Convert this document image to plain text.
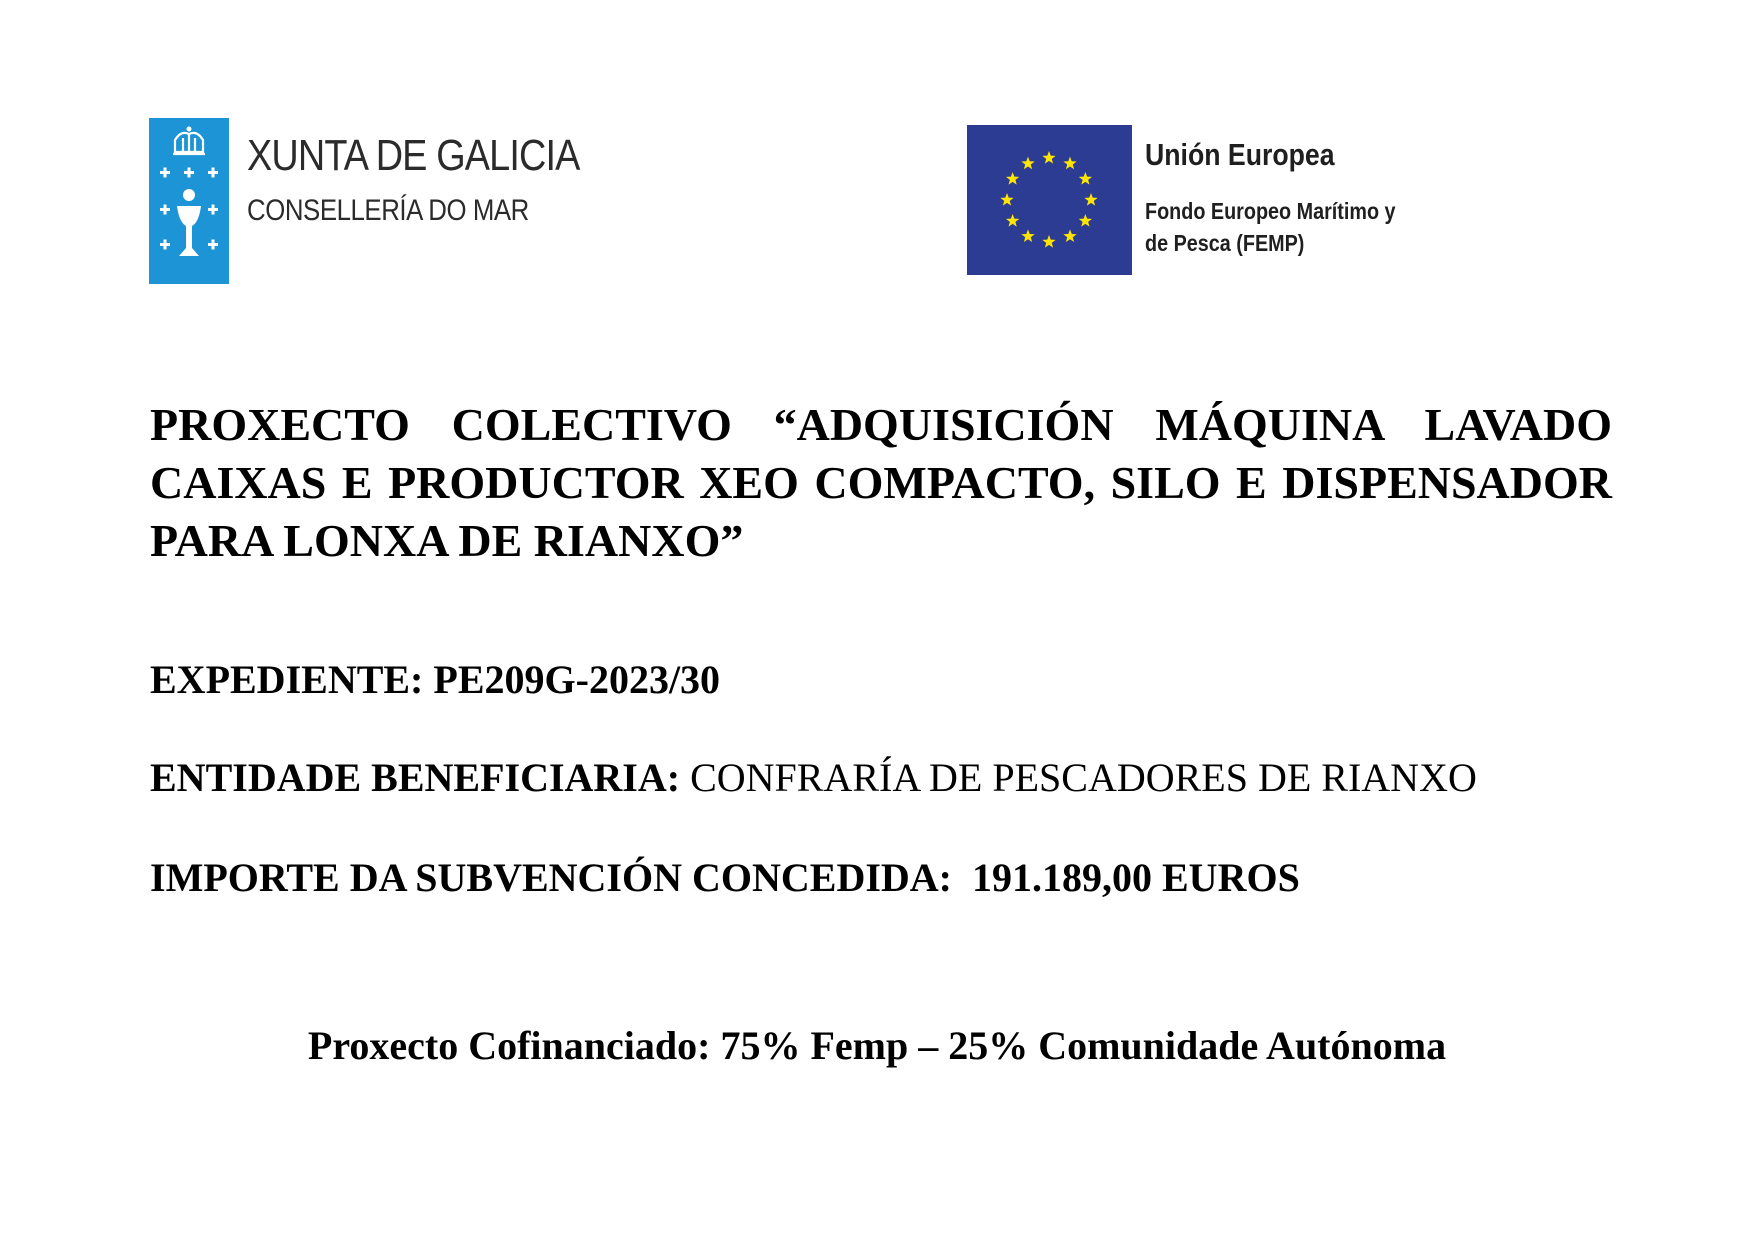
XUNTA DE GALICIA
CONSELLERÍA DO MAR
Unión Europea
Fondo Europeo Marítimo y
de Pesca (FEMP)

PROXECTO COLECTIVO “ADQUISICIÓN MÁQUINA LAVADO CAIXAS E PRODUCTOR XEO COMPACTO, SILO E DISPENSADOR PARA LONXA DE RIANXO”

EXPEDIENTE: PE209G-2023/30

ENTIDADE BENEFICIARIA: CONFRARÍA DE PESCADORES DE RIANXO

IMPORTE DA SUBVENCIÓN CONCEDIDA: 191.189,00 EUROS

Proxecto Cofinanciado: 75% Femp – 25% Comunidade Autónoma
